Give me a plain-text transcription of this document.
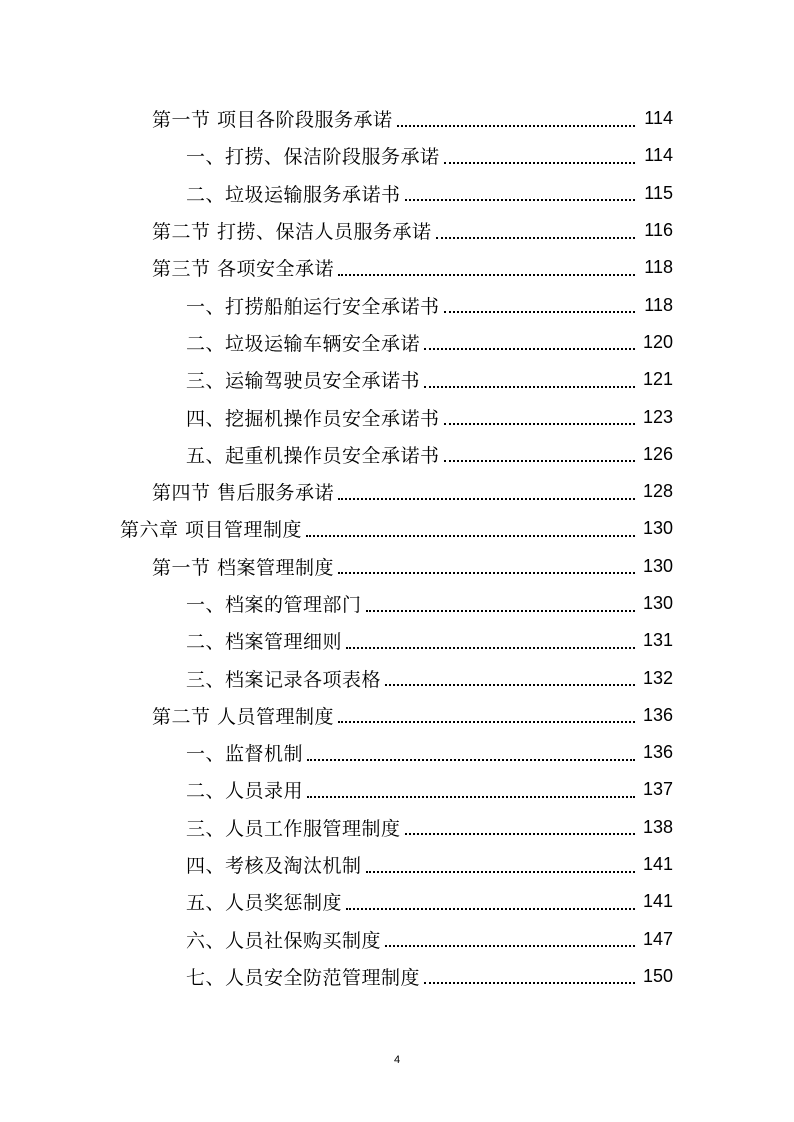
第一节 项目各阶段服务承诺	114
一、打捞、保洁阶段服务承诺	114
二、垃圾运输服务承诺书	115
第二节 打捞、保洁人员服务承诺	116
第三节 各项安全承诺	118
一、打捞船舶运行安全承诺书	118
二、垃圾运输车辆安全承诺	120
三、运输驾驶员安全承诺书	121
四、挖掘机操作员安全承诺书	123
五、起重机操作员安全承诺书	126
第四节 售后服务承诺	128
第六章 项目管理制度	130
第一节 档案管理制度	130
一、档案的管理部门	130
二、档案管理细则	131
三、档案记录各项表格	132
第二节 人员管理制度	136
一、监督机制	136
二、人员录用	137
三、人员工作服管理制度	138
四、考核及淘汰机制	141
五、人员奖惩制度	141
六、人员社保购买制度	147
七、人员安全防范管理制度	150
4
